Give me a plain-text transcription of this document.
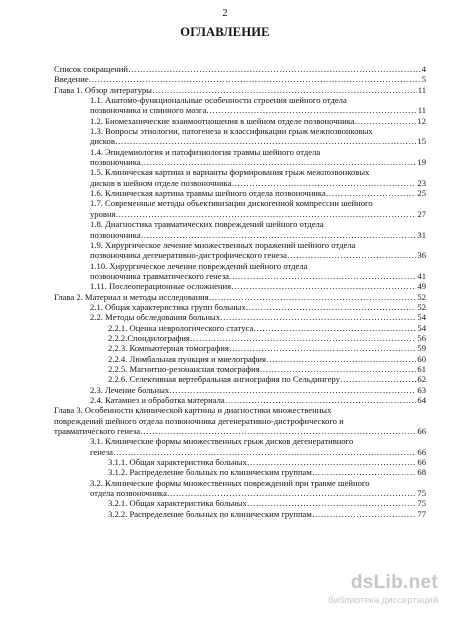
2
ОГЛАВЛЕНИЕ
Список сокращений ……………………………………………………………………………………………………………………………………………………………………………………………………	4
Введение ……………………………………………………………………………………………………………………………………………………………………………………………………	5
Глава 1. Обзор литературы ……………………………………………………………………………………………………………………………………………………………………………………………………	11
1.1. Анатомо-функциональные особенности строения шейного отдела
позвоночника и спинного мозга ……………………………………………………………………………………………………………………………………………………………………………………………………	11
1.2. Биомеханические взаимоотношения в шейном отделе позвоночника ……………………………………………………………………………………………………………………………………………………………………………………………………	12
1.3. Вопросы этиологии, патогенеза и классификации грыж межпозвонковых
дисков ……………………………………………………………………………………………………………………………………………………………………………………………………	15
1.4. Эпидемиология и патофизиология травмы шейного отдела
позвоночника ……………………………………………………………………………………………………………………………………………………………………………………………………	19
1.5. Клиническая картина и варианты формирования грыж межпозвонковых
дисков в шейном отделе позвоночника ……………………………………………………………………………………………………………………………………………………………………………………………………	23
1.6. Клиническая картина травмы шейного отдела позвоночника ……………………………………………………………………………………………………………………………………………………………………………………………………	25
1.7. Современные методы объективизации дискогенной компрессии шейного
уровня ……………………………………………………………………………………………………………………………………………………………………………………………………	27
1.8. Диагностика травматических повреждений шейного отдела
позвоночника ……………………………………………………………………………………………………………………………………………………………………………………………………	31
1.9. Хирургическое лечение множественных поражений шейного отдела
позвоночника дегенеративно-дистрофического генеза ……………………………………………………………………………………………………………………………………………………………………………………………………	36
1.10. Хирургическое лечение повреждений шейного отдела
позвоночника травматического генеза ……………………………………………………………………………………………………………………………………………………………………………………………………	41
1.11. Послеоперационные осложнения ……………………………………………………………………………………………………………………………………………………………………………………………………	49
Глава 2. Материал и методы исследования ……………………………………………………………………………………………………………………………………………………………………………………………………	52
2.1. Общая характеристика групп больных ……………………………………………………………………………………………………………………………………………………………………………………………………	52
2.2. Методы обследования больных ……………………………………………………………………………………………………………………………………………………………………………………………………	54
2.2.1. Оценка неврологического статуса ……………………………………………………………………………………………………………………………………………………………………………………………………	54
2.2.2.Спондилография ……………………………………………………………………………………………………………………………………………………………………………………………………	56
2.2.3. Компьютерная томография ……………………………………………………………………………………………………………………………………………………………………………………………………	59
2.2.4. Люмбальная пункция и миелография ……………………………………………………………………………………………………………………………………………………………………………………………………	60
2.2.5. Магнитно-резонансная томография ……………………………………………………………………………………………………………………………………………………………………………………………………	61
2.2.6. Селективная вертебральная ангиография по Сельдингеру ……………………………………………………………………………………………………………………………………………………………………………………………………	62
2.3. Лечение больных ……………………………………………………………………………………………………………………………………………………………………………………………………	63
2.4. Катамнез и обработка материала ……………………………………………………………………………………………………………………………………………………………………………………………………	64
Глава 3. Особенности клинической картины и диагностики множественных
повреждений шейного отдела позвоночника дегенеративно-дистрофического и
травматического генеза ……………………………………………………………………………………………………………………………………………………………………………………………………	66
3.1. Клинические формы множественных грыж дисков дегенеративного
генеза ……………………………………………………………………………………………………………………………………………………………………………………………………	66
3.1.1. Общая характеристика больных ……………………………………………………………………………………………………………………………………………………………………………………………………	66
3.1.2. Распределение больных по клиническим группам ……………………………………………………………………………………………………………………………………………………………………………………………………	68
3.2. Клинические формы множественных повреждений при травме шейного
отдела позвоночника ……………………………………………………………………………………………………………………………………………………………………………………………………	75
3.2.1. Общая характеристика больных ……………………………………………………………………………………………………………………………………………………………………………………………………	75
3.2.2. Распределение больных по клиническим группам ……………………………………………………………………………………………………………………………………………………………………………………………………	77
dsLib.net
библиотека диссертаций
